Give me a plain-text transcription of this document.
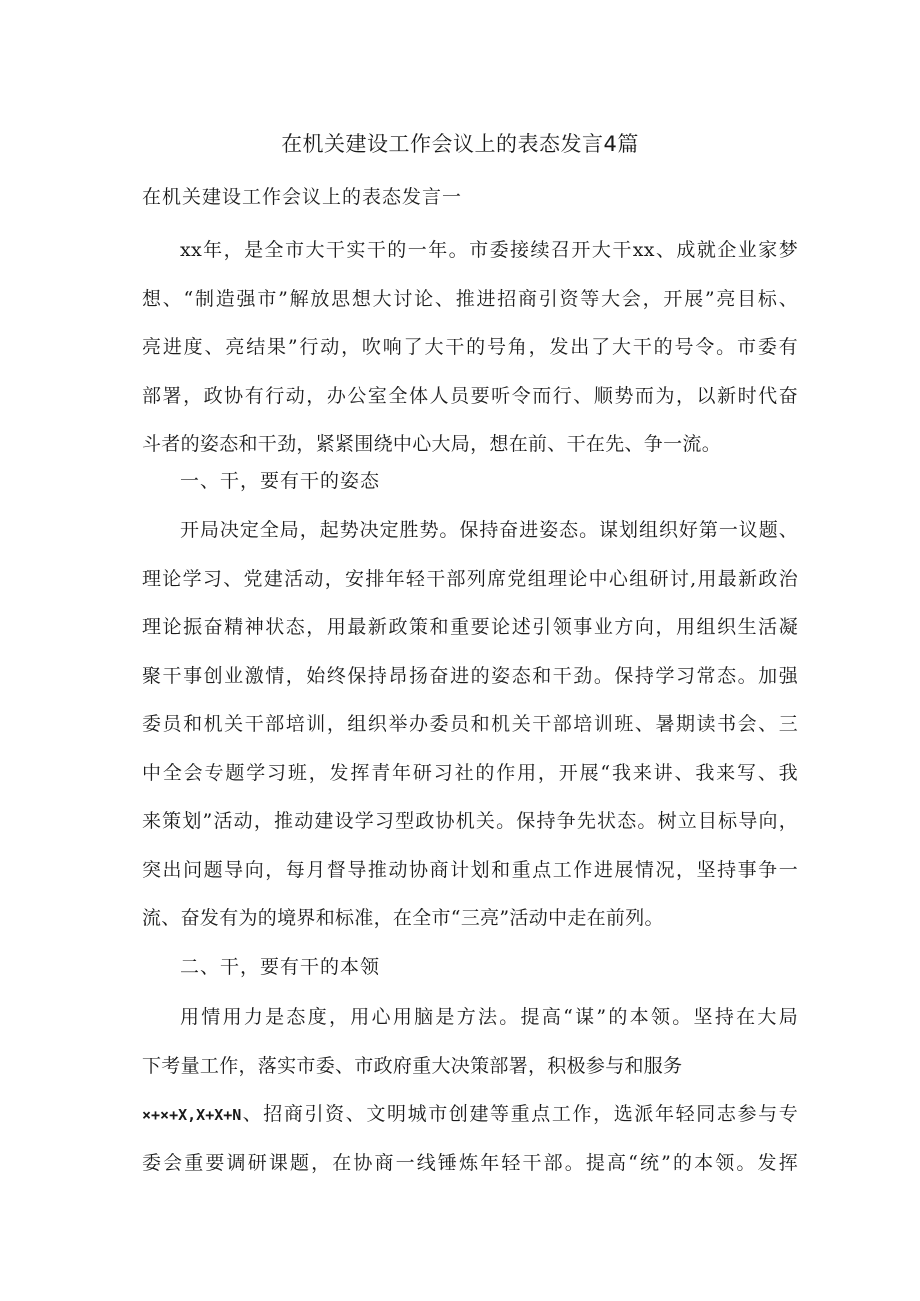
在机关建设工作会议上的表态发言4篇
在机关建设工作会议上的表态发言一
xx年，是全市大干实干的一年。市委接续召开大干xx、成就企业家梦
想、“制造强市”解放思想大讨论、推进招商引资等大会，开展”亮目标、
亮进度、亮结果”行动，吹响了大干的号角，发出了大干的号令。市委有
部署，政协有行动，办公室全体人员要听令而行、顺势而为，以新时代奋
斗者的姿态和干劲，紧紧围绕中心大局，想在前、干在先、争一流。
一、干，要有干的姿态
开局决定全局，起势决定胜势。保持奋进姿态。谋划组织好第一议题、
理论学习、党建活动，安排年轻干部列席党组理论中心组研讨,用最新政治
理论振奋精神状态，用最新政策和重要论述引领事业方向，用组织生活凝
聚干事创业激情，始终保持昂扬奋进的姿态和干劲。保持学习常态。加强
委员和机关干部培训，组织举办委员和机关干部培训班、暑期读书会、三
中全会专题学习班，发挥青年研习社的作用，开展“我来讲、我来写、我
来策划”活动，推动建设学习型政协机关。保持争先状态。树立目标导向，
突出问题导向，每月督导推动协商计划和重点工作进展情况，坚持事争一
流、奋发有为的境界和标准，在全市“三亮”活动中走在前列。
二、干，要有干的本领
用情用力是态度，用心用脑是方法。提高“谋”的本领。坚持在大局
下考量工作，落实市委、市政府重大决策部署，积极参与和服务
×+×+X,X+X+N、招商引资、文明城市创建等重点工作，选派年轻同志参与专
委会重要调研课题，在协商一线锤炼年轻干部。提高“统”的本领。发挥
